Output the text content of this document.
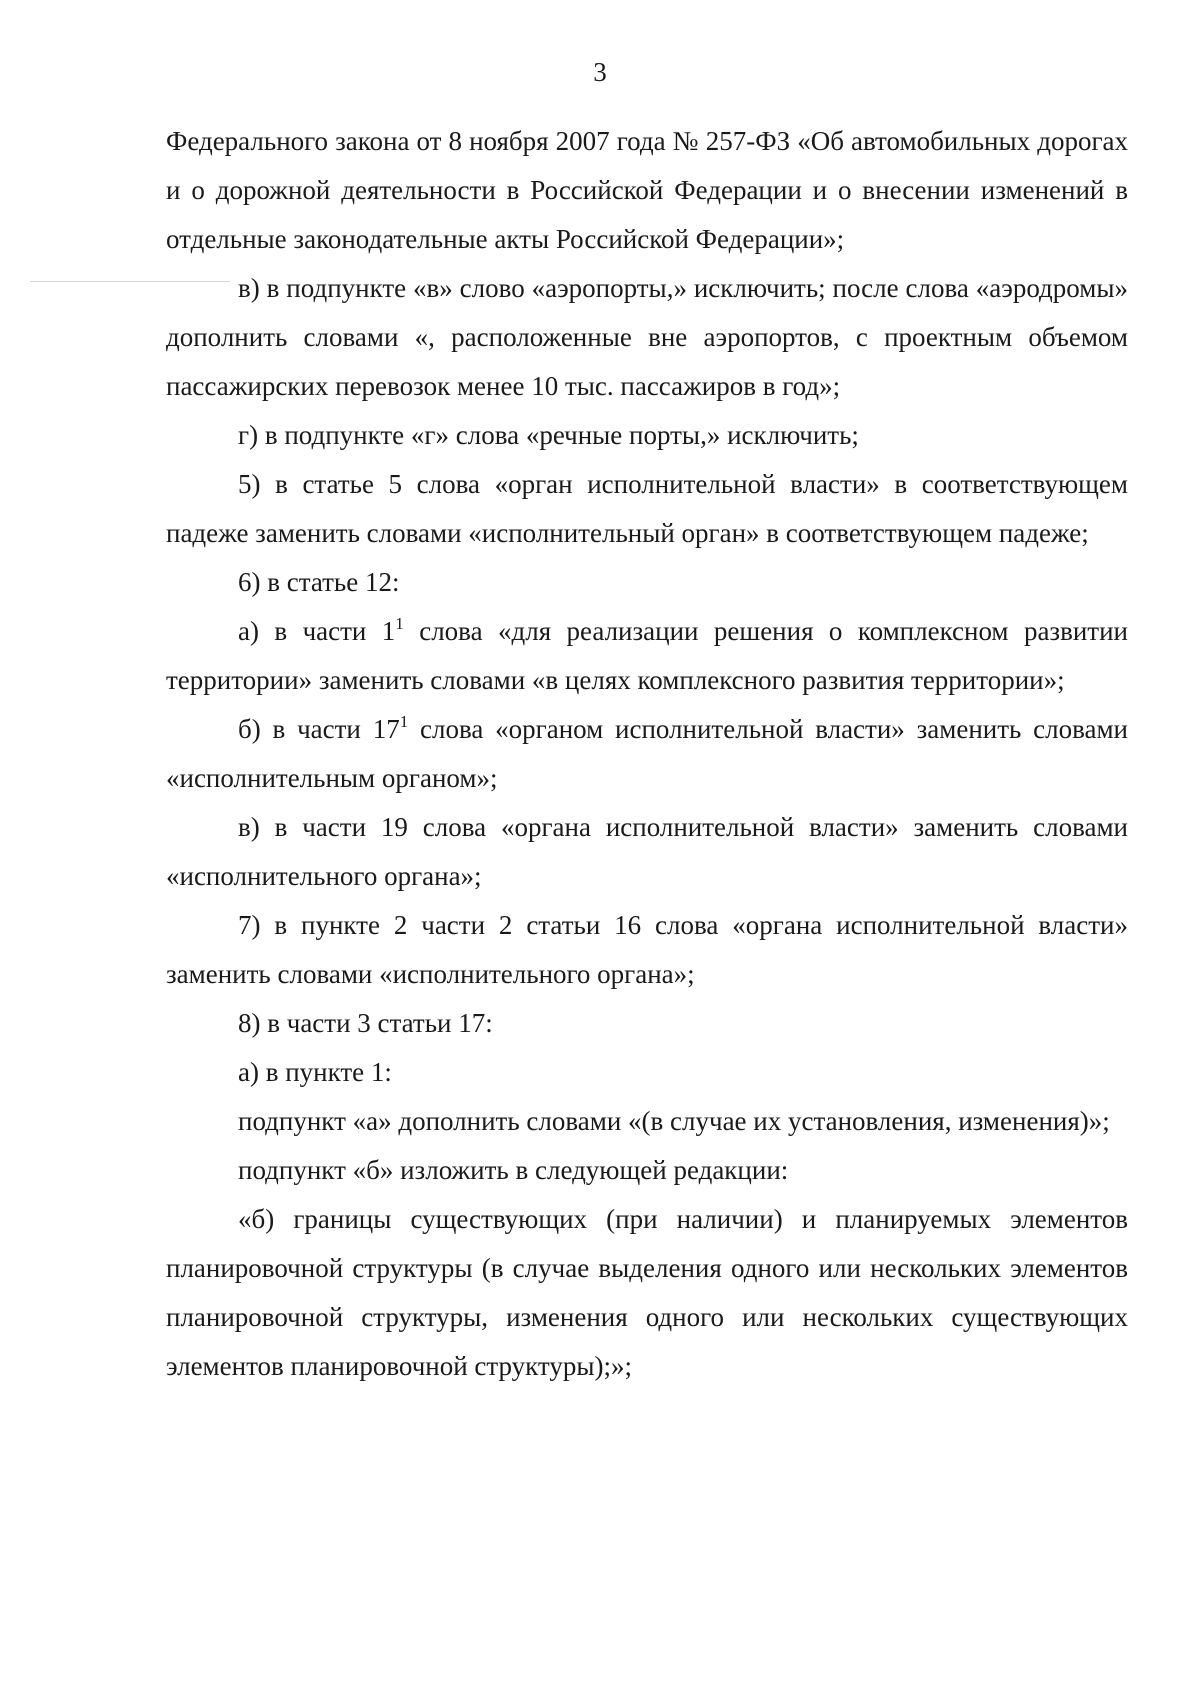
3

Федерального закона от 8 ноября 2007 года № 257-ФЗ «Об автомобильных дорогах и о дорожной деятельности в Российской Федерации и о внесении изменений в отдельные законодательные акты Российской Федерации»;

в) в подпункте «в» слово «аэропорты,» исключить; после слова «аэродромы» дополнить словами «, расположенные вне аэропортов, с проектным объемом пассажирских перевозок менее 10 тыс. пассажиров в год»;

г) в подпункте «г» слова «речные порты,» исключить;

5) в статье 5 слова «орган исполнительной власти» в соответствующем падеже заменить словами «исполнительный орган» в соответствующем падеже;

6) в статье 12:

а) в части $1^1$ слова «для реализации решения о комплексном развитии территории» заменить словами «в целях комплексного развития территории»;

б) в части $17^1$ слова «органом исполнительной власти» заменить словами «исполнительным органом»;

в) в части 19 слова «органа исполнительной власти» заменить словами «исполнительного органа»;

7) в пункте 2 части 2 статьи 16 слова «органа исполнительной власти» заменить словами «исполнительного органа»;

8) в части 3 статьи 17:

а) в пункте 1:

подпункт «а» дополнить словами «(в случае их установления, изменения)»;

подпункт «б» изложить в следующей редакции:

«б) границы существующих (при наличии) и планируемых элементов планировочной структуры (в случае выделения одного или нескольких элементов планировочной структуры, изменения одного или нескольких существующих элементов планировочной структуры);»;
